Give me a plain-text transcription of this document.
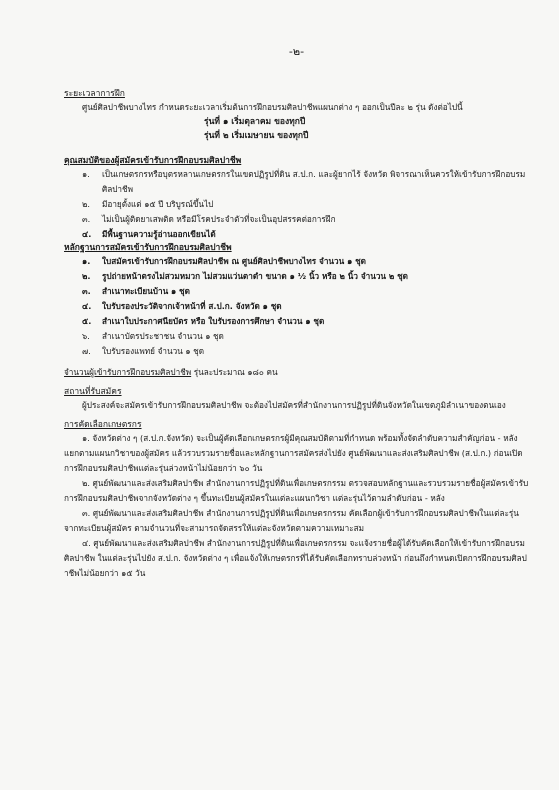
-๒-

ระยะเวลาการฝึก

ศูนย์ศิลปาชีพบางไทร กำหนดระยะเวลาเริ่มต้นการฝึกอบรมศิลปาชีพแผนกต่าง ๆ ออกเป็นปีละ ๒ รุ่น ดังต่อไปนี้

รุ่นที่ ๑ เริ่มตุลาคม ของทุกปี
รุ่นที่ ๒ เริ่มเมษายน ของทุกปี

คุณสมบัติของผู้สมัครเข้ารับการฝึกอบรมศิลปาชีพ

๑.	เป็นเกษตรกรหรือบุตรหลานเกษตรกรในเขตปฏิรูปที่ดิน ส.ป.ก. และผู้ยากไร้ จังหวัด พิจารณาเห็นควรให้เข้ารับการฝึกอบรมศิลปาชีพ
๒.	มีอายุตั้งแต่ ๑๕ ปี บริบูรณ์ขึ้นไป
๓.	ไม่เป็นผู้ติดยาเสพติด หรือมีโรคประจำตัวที่จะเป็นอุปสรรคต่อการฝึก
๔.	มีพื้นฐานความรู้อ่านออกเขียนได้

หลักฐานการสมัครเข้ารับการฝึกอบรมศิลปาชีพ

๑.	ใบสมัครเข้ารับการฝึกอบรมศิลปาชีพ ณ ศูนย์ศิลปาชีพบางไทร จำนวน ๑ ชุด
๒.	รูปถ่ายหน้าตรงไม่สวมหมวก ไม่สวมแว่นตาดำ ขนาด ๑ ½ นิ้ว หรือ ๒ นิ้ว จำนวน ๒ ชุด
๓.	สำเนาทะเบียนบ้าน ๑ ชุด
๔.	ใบรับรองประวัติจากเจ้าหน้าที่ ส.ป.ก. จังหวัด ๑ ชุด
๕.	สำเนาใบประกาศนียบัตร หรือ ใบรับรองการศึกษา จำนวน ๑ ชุด
๖.	สำเนาบัตรประชาชน จำนวน ๑ ชุด
๗.	ใบรับรองแพทย์ จำนวน ๑ ชุด

จำนวนผู้เข้ารับการฝึกอบรมศิลปาชีพ รุ่นละประมาณ ๑๘๐ คน

สถานที่รับสมัคร

ผู้ประสงค์จะสมัครเข้ารับการฝึกอบรมศิลปาชีพ จะต้องไปสมัครที่สำนักงานการปฏิรูปที่ดินจังหวัดในเขตภูมิลำเนาของตนเอง

การคัดเลือกเกษตรกร

๑. จังหวัดต่าง ๆ (ส.ป.ก.จังหวัด) จะเป็นผู้คัดเลือกเกษตรกรผู้มีคุณสมบัติตามที่กำหนด พร้อมทั้งจัดลำดับความสำคัญก่อน - หลัง แยกตามแผนกวิชาของผู้สมัคร แล้วรวบรวมรายชื่อและหลักฐานการสมัครส่งไปยัง ศูนย์พัฒนาและส่งเสริมศิลปาชีพ (ส.ป.ก.) ก่อนเปิดการฝึกอบรมศิลปาชีพแต่ละรุ่นล่วงหน้าไม่น้อยกว่า ๖๐ วัน

๒. ศูนย์พัฒนาและส่งเสริมศิลปาชีพ สำนักงานการปฏิรูปที่ดินเพื่อเกษตรกรรม ตรวจสอบหลักฐานและรวบรวมรายชื่อผู้สมัครเข้ารับการฝึกอบรมศิลปาชีพจากจังหวัดต่าง ๆ ขึ้นทะเบียนผู้สมัครในแต่ละแผนกวิชา แต่ละรุ่นไว้ตามลำดับก่อน - หลัง

๓. ศูนย์พัฒนาและส่งเสริมศิลปาชีพ สำนักงานการปฏิรูปที่ดินเพื่อเกษตรกรรม คัดเลือกผู้เข้ารับการฝึกอบรมศิลปาชีพในแต่ละรุ่นจากทะเบียนผู้สมัคร ตามจำนวนที่จะสามารถจัดสรรให้แต่ละจังหวัดตามความเหมาะสม

๔. ศูนย์พัฒนาและส่งเสริมศิลปาชีพ สำนักงานการปฏิรูปที่ดินเพื่อเกษตรกรรม จะแจ้งรายชื่อผู้ได้รับคัดเลือกให้เข้ารับการฝึกอบรมศิลปาชีพ ในแต่ละรุ่นไปยัง ส.ป.ก. จังหวัดต่าง ๆ เพื่อแจ้งให้เกษตรกรที่ได้รับคัดเลือกทราบล่วงหน้า ก่อนถึงกำหนดเปิดการฝึกอบรมศิลปาชีพไม่น้อยกว่า ๑๕ วัน
